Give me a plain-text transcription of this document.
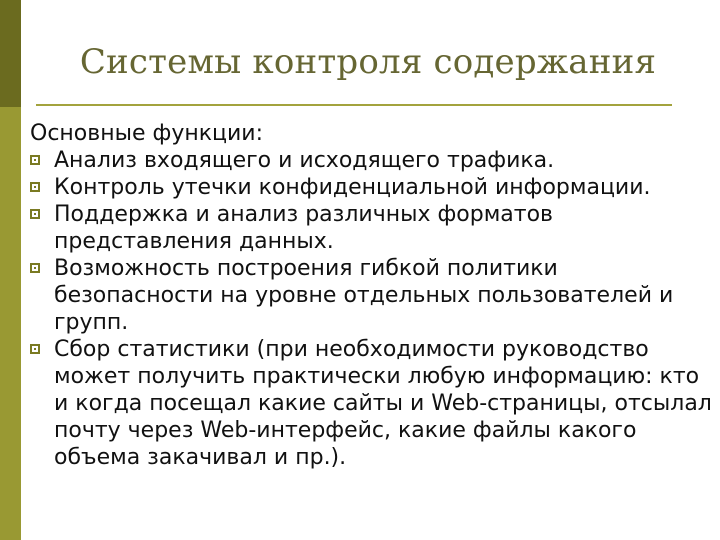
Системы контроля содержания

Основные функции:

Анализ входящего и исходящего трафика.
Контроль утечки конфиденциальной информации.
Поддержка и анализ различных форматов представления данных.
Возможность построения гибкой политики безопасности на уровне отдельных пользователей и групп.
Сбор статистики (при необходимости руководство может получить практически любую информацию: кто и когда посещал какие сайты и Web-страницы, отсылал почту через Web-интерфейс, какие файлы какого объема закачивал и пр.).
